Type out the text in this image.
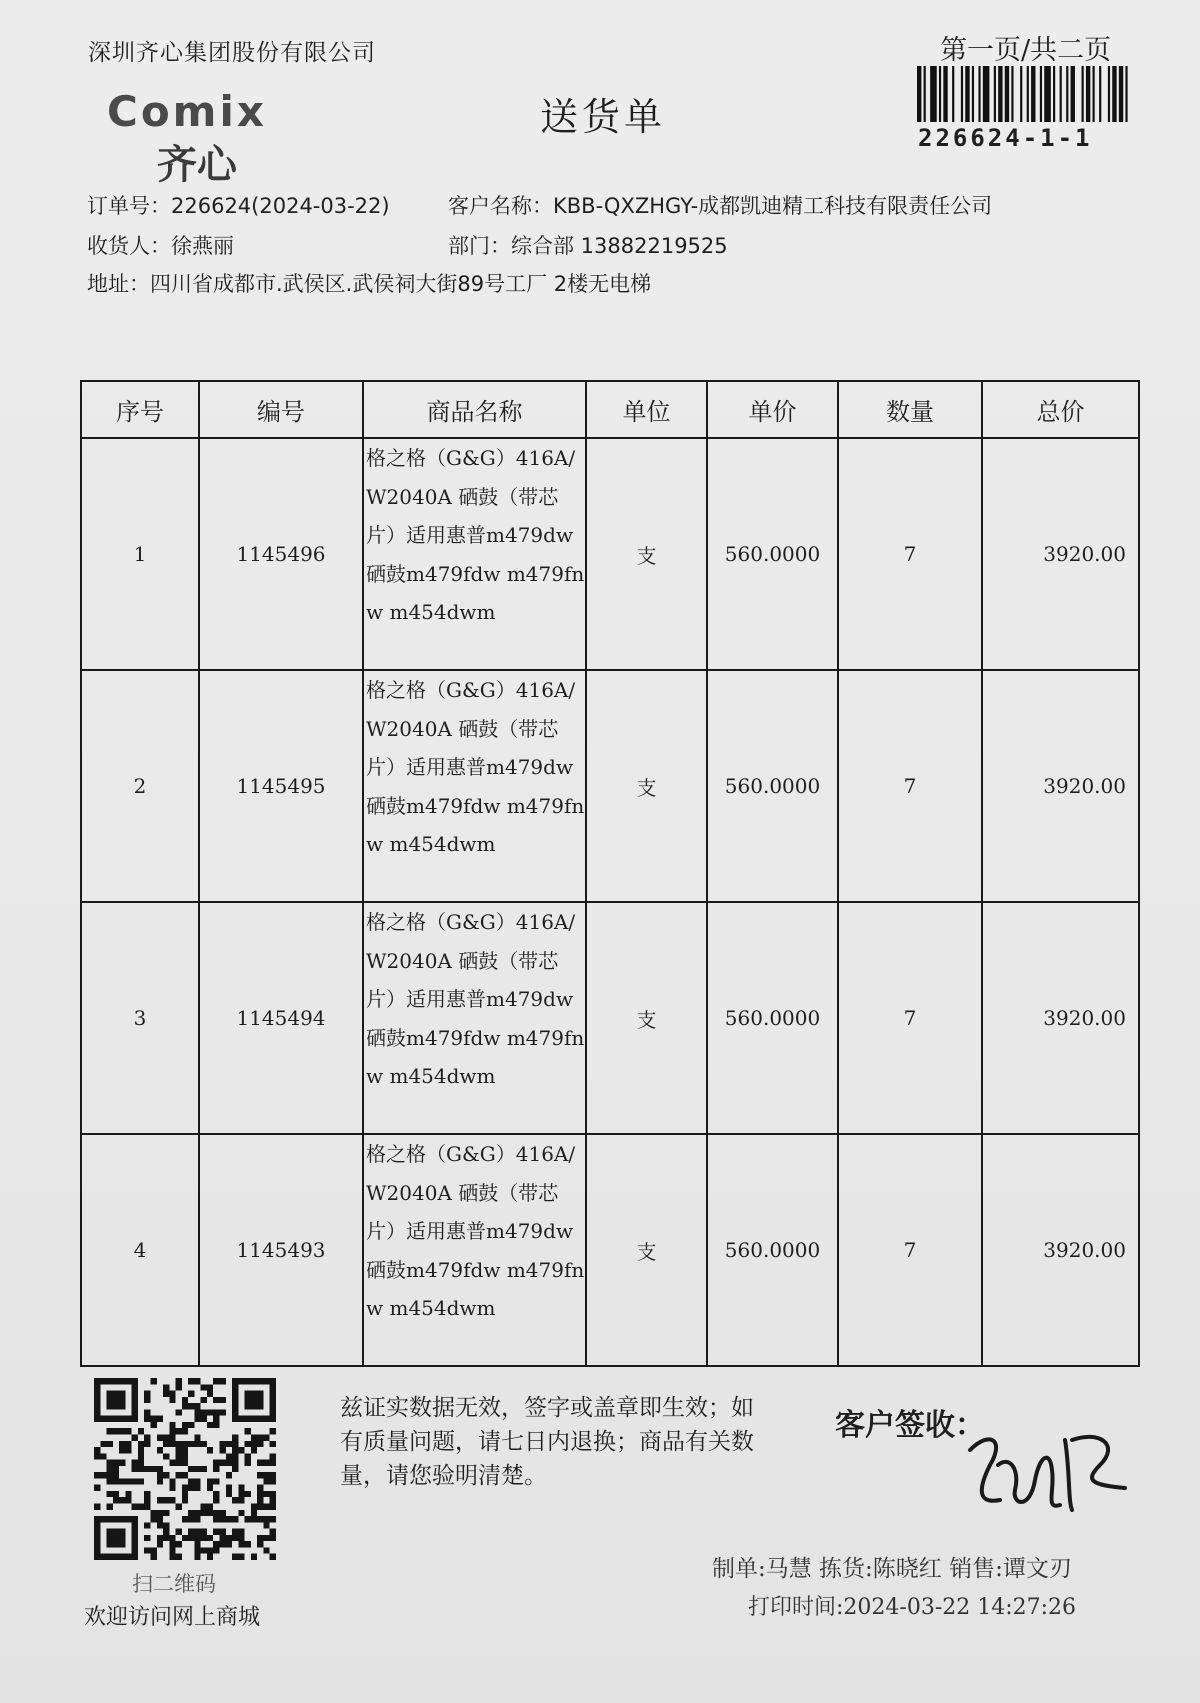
深圳齐心集团股份有限公司	第一页/共二页
226624-1-1
Comix
齐心
送货单
订单号：226624(2024-03-22)	客户名称：KBB-QXZHGY-成都凯迪精工科技有限责任公司
收货人：徐燕丽	部门：综合部 13882219525
地址：四川省成都市.武侯区.武侯祠大街89号工厂 2楼无电梯
序号	编号	商品名称	单位	单价	数量	总价
1	1145496	格之格（G&G）416A/W2040A 硒鼓（带芯片）适用惠普m479dw硒鼓m479fdw m479fnw m454dwm	支	560.0000	7	3920.00
2	1145495	格之格（G&G）416A/W2040A 硒鼓（带芯片）适用惠普m479dw硒鼓m479fdw m479fnw m454dwm	支	560.0000	7	3920.00
3	1145494	格之格（G&G）416A/W2040A 硒鼓（带芯片）适用惠普m479dw硒鼓m479fdw m479fnw m454dwm	支	560.0000	7	3920.00
4	1145493	格之格（G&G）416A/W2040A 硒鼓（带芯片）适用惠普m479dw硒鼓m479fdw m479fnw m454dwm	支	560.0000	7	3920.00
扫二维码
欢迎访问网上商城
兹证实数据无效，签字或盖章即生效；如有质量问题，请七日内退换；商品有关数量，请您验明清楚。
客户签收：
制单:马慧 拣货:陈晓红 销售:谭文刃
打印时间:2024-03-22 14:27:26
